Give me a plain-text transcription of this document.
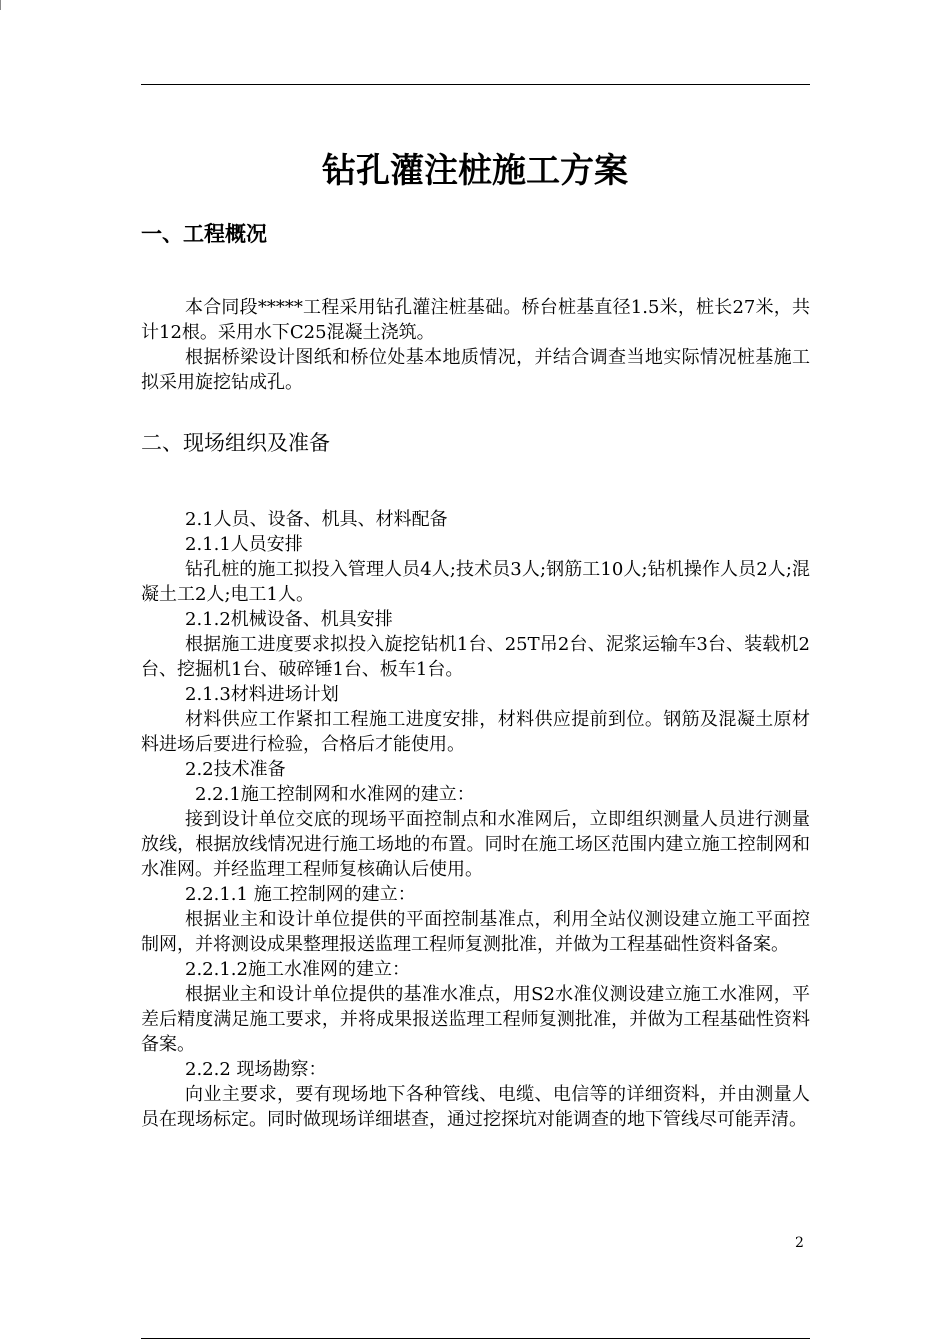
钻孔灌注桩施工方案
一、工程概况

本合同段*****工程采用钻孔灌注桩基础。桥台桩基直径1.5米，桩长27米，共计12根。采用水下C25混凝土浇筑。

根据桥梁设计图纸和桥位处基本地质情况，并结合调查当地实际情况桩基施工拟采用旋挖钻成孔。

二、现场组织及准备

2.1人员、设备、机具、材料配备

2.1.1人员安排

钻孔桩的施工拟投入管理人员4人;技术员3人;钢筋工10人;钻机操作人员2人;混凝土工2人;电工1人。

2.1.2机械设备、机具安排

根据施工进度要求拟投入旋挖钻机1台、25T吊2台、泥浆运输车3台、装载机2台、挖掘机1台、破碎锤1台、板车1台。

2.1.3材料进场计划

材料供应工作紧扣工程施工进度安排，材料供应提前到位。钢筋及混凝土原材料进场后要进行检验，合格后才能使用。

2.2技术准备

2.2.1施工控制网和水准网的建立：

接到设计单位交底的现场平面控制点和水准网后，立即组织测量人员进行测量放线，根据放线情况进行施工场地的布置。同时在施工场区范围内建立施工控制网和水准网。并经监理工程师复核确认后使用。

2.2.1.1 施工控制网的建立：

根据业主和设计单位提供的平面控制基准点，利用全站仪测设建立施工平面控制网，并将测设成果整理报送监理工程师复测批准，并做为工程基础性资料备案。

2.2.1.2施工水准网的建立：

根据业主和设计单位提供的基准水准点，用S2水准仪测设建立施工水准网，平差后精度满足施工要求，并将成果报送监理工程师复测批准，并做为工程基础性资料备案。

2.2.2 现场勘察：

向业主要求，要有现场地下各种管线、电缆、电信等的详细资料，并由测量人员在现场标定。同时做现场详细堪查，通过挖探坑对能调查的地下管线尽可能弄清。

2
